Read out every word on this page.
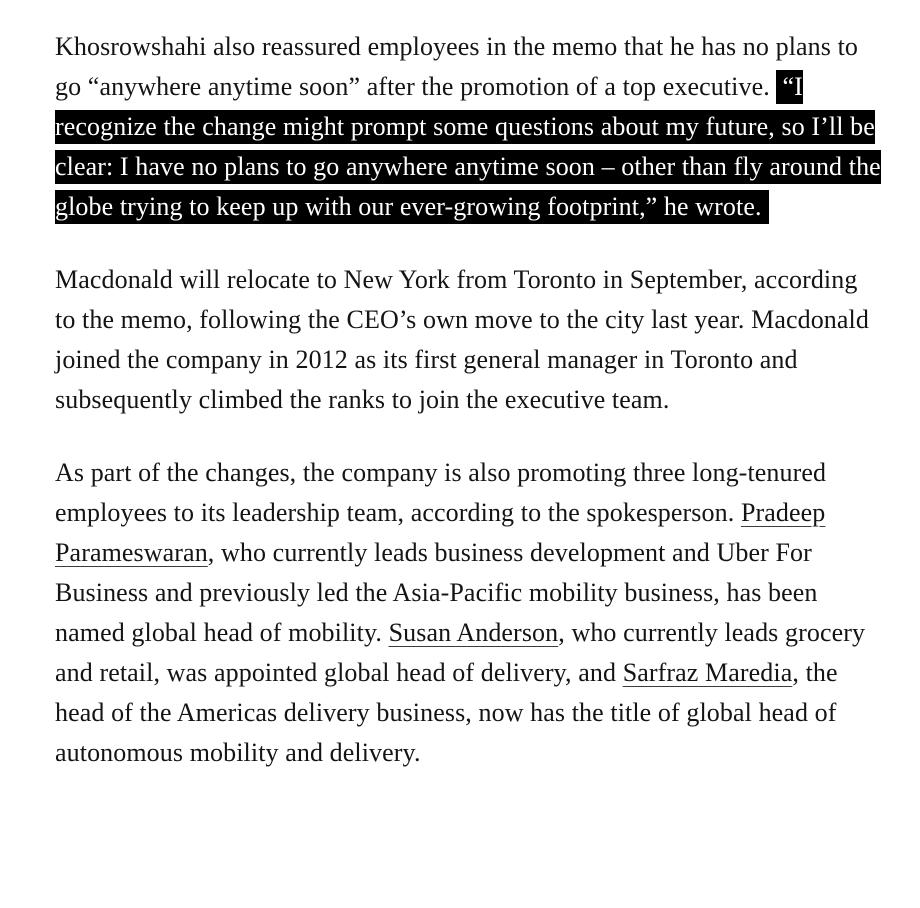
Khosrowshahi also reassured employees in the memo that he has no plans to go “anywhere anytime soon” after the promotion of a top executive. “I recognize the change might prompt some questions about my future, so I’ll be clear: I have no plans to go anywhere anytime soon – other than fly around the globe trying to keep up with our ever-growing footprint,” he wrote.

Macdonald will relocate to New York from Toronto in September, according to the memo, following the CEO’s own move to the city last year. Macdonald joined the company in 2012 as its first general manager in Toronto and subsequently climbed the ranks to join the executive team.

As part of the changes, the company is also promoting three long-tenured employees to its leadership team, according to the spokesperson. Pradeep Parameswaran, who currently leads business development and Uber For Business and previously led the Asia-Pacific mobility business, has been named global head of mobility. Susan Anderson, who currently leads grocery and retail, was appointed global head of delivery, and Sarfraz Maredia, the head of the Americas delivery business, now has the title of global head of autonomous mobility and delivery.
